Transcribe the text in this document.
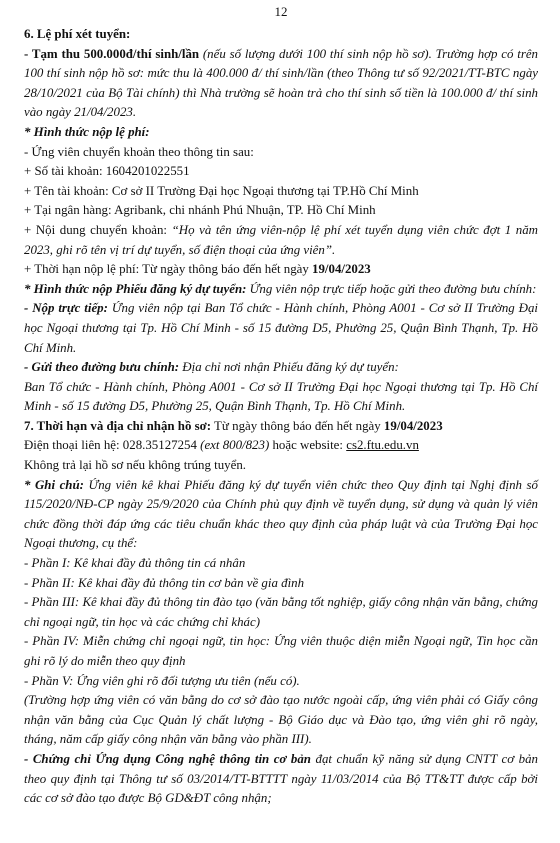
12

6. Lệ phí xét tuyển:

- Tạm thu 500.000đ/thí sinh/lần (nếu số lượng dưới 100 thí sinh nộp hồ sơ). Trường hợp có trên 100 thí sinh nộp hồ sơ: mức thu là 400.000 đ/ thí sinh/lần (theo Thông tư số 92/2021/TT-BTC ngày 28/10/2021 của Bộ Tài chính) thì Nhà trường sẽ hoàn trả cho thí sinh số tiền là 100.000 đ/ thí sinh vào ngày 21/04/2023.

* Hình thức nộp lệ phí:

- Ứng viên chuyển khoản theo thông tin sau:

+ Số tài khoản: 1604201022551

+ Tên tài khoản: Cơ sở II Trường Đại học Ngoại thương tại TP.Hồ Chí Minh

+ Tại ngân hàng: Agribank, chi nhánh Phú Nhuận, TP. Hồ Chí Minh

+ Nội dung chuyển khoản: “Họ và tên ứng viên-nộp lệ phí xét tuyển dụng viên chức đợt 1 năm 2023, ghi rõ tên vị trí dự tuyển, số điện thoại của ứng viên”.

+ Thời hạn nộp lệ phí: Từ ngày thông báo đến hết ngày 19/04/2023

* Hình thức nộp Phiếu đăng ký dự tuyển: Ứng viên nộp trực tiếp hoặc gửi theo đường bưu chính:

- Nộp trực tiếp: Ứng viên nộp tại Ban Tổ chức - Hành chính, Phòng A001 - Cơ sở II Trường Đại học Ngoại thương tại Tp. Hồ Chí Minh - số 15 đường D5, Phường 25, Quận Bình Thạnh, Tp. Hồ Chí Minh.

- Gửi theo đường bưu chính: Địa chỉ nơi nhận Phiếu đăng ký dự tuyển:

Ban Tổ chức - Hành chính, Phòng A001 - Cơ sở II Trường Đại học Ngoại thương tại Tp. Hồ Chí Minh - số 15 đường D5, Phường 25, Quận Bình Thạnh, Tp. Hồ Chí Minh.

7. Thời hạn và địa chỉ nhận hồ sơ: Từ ngày thông báo đến hết ngày 19/04/2023

Điện thoại liên hệ: 028.35127254 (ext 800/823) hoặc website: cs2.ftu.edu.vn

Không trả lại hồ sơ nếu không trúng tuyển.

* Ghi chú: Ứng viên kê khai Phiếu đăng ký dự tuyển viên chức theo Quy định tại Nghị định số 115/2020/NĐ-CP ngày 25/9/2020 của Chính phủ quy định về tuyển dụng, sử dụng và quản lý viên chức đồng thời đáp ứng các tiêu chuẩn khác theo quy định của pháp luật và của Trường Đại học Ngoại thương, cụ thể:

- Phần I: Kê khai đầy đủ thông tin cá nhân

- Phần II: Kê khai đầy đủ thông tin cơ bản về gia đình

- Phần III: Kê khai đầy đủ thông tin đào tạo (văn bằng tốt nghiệp, giấy công nhận văn bằng, chứng chỉ ngoại ngữ, tin học và các chứng chỉ khác)

- Phần IV: Miễn chứng chỉ ngoại ngữ, tin học: Ứng viên thuộc diện miễn Ngoại ngữ, Tin học cần ghi rõ lý do miễn theo quy định

- Phần V: Ứng viên ghi rõ đối tượng ưu tiên (nếu có).

(Trường hợp ứng viên có văn bằng do cơ sở đào tạo nước ngoài cấp, ứng viên phải có Giấy công nhận văn bằng của Cục Quản lý chất lượng - Bộ Giáo dục và Đào tạo, ứng viên ghi rõ ngày, tháng, năm cấp giấy công nhận văn bằng vào phần III).

- Chứng chỉ Ứng dụng Công nghệ thông tin cơ bản đạt chuẩn kỹ năng sử dụng CNTT cơ bản theo quy định tại Thông tư số 03/2014/TT-BTTTT ngày 11/03/2014 của Bộ TT&TT được cấp bởi các cơ sở đào tạo được Bộ GD&ĐT công nhận;
